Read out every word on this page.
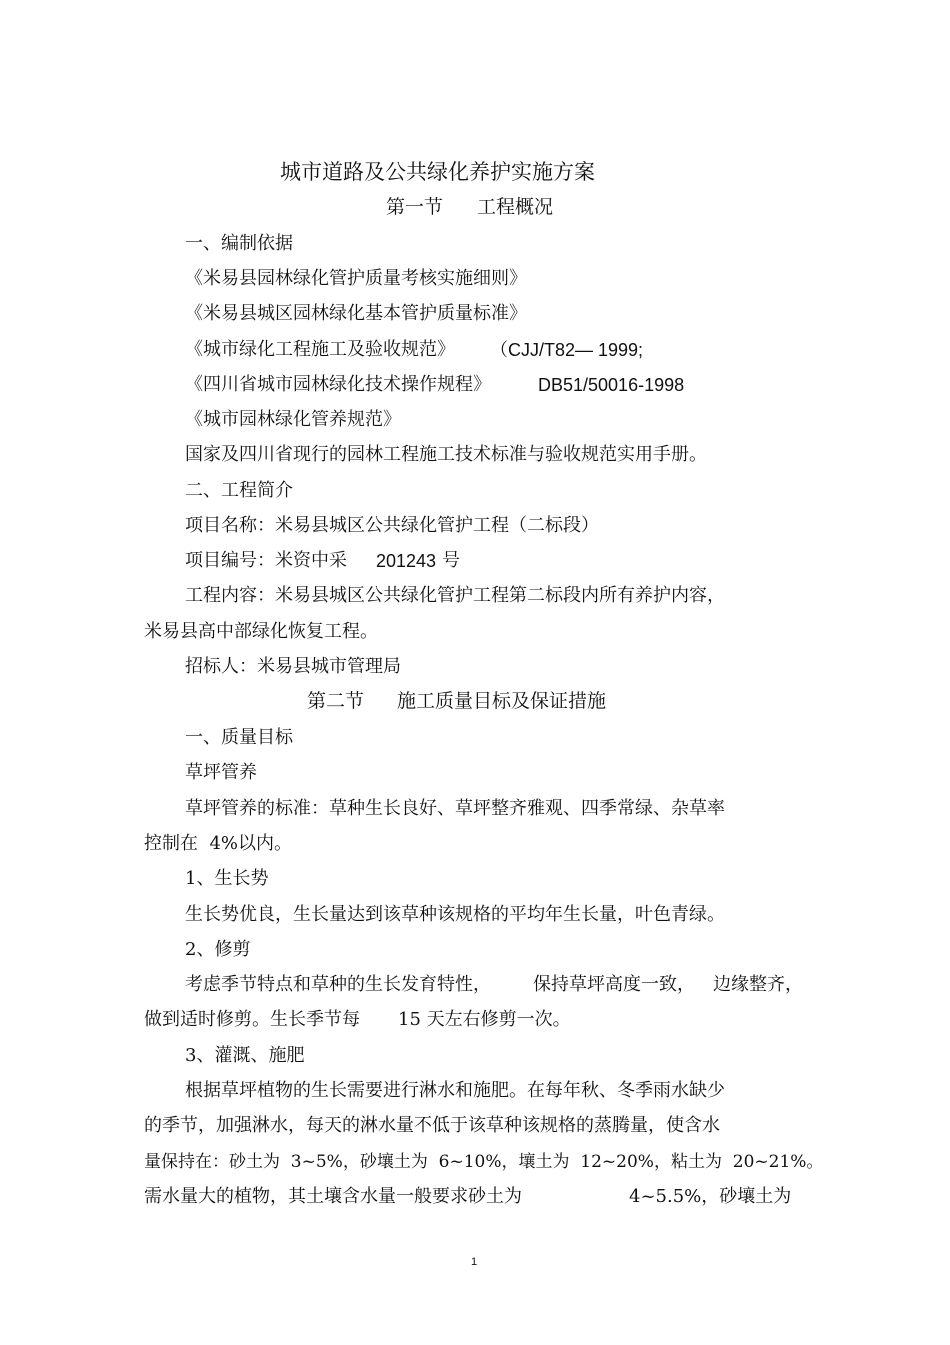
城市道路及公共绿化养护实施方案
第一节 工程概况
一、编制依据
《米易县园林绿化管护质量考核实施细则》
《米易县城区园林绿化基本管护质量标准》
《城市绿化工程施工及验收规范》 （CJJ/T82— 1999;
《四川省城市园林绿化技术操作规程》	DB51/50016-1998
《城市园林绿化管养规范》
国家及四川省现行的园林工程施工技术标准与验收规范实用手册。
二、工程简介
项目名称：米易县城区公共绿化管护工程（二标段）
项目编号：米资中采 201243 号
工程内容：米易县城区公共绿化管护工程第二标段内所有养护内容，
米易县高中部绿化恢复工程。
招标人：米易县城市管理局
第二节 施工质量目标及保证措施
一、质量目标
草坪管养
草坪管养的标准：草种生长良好、草坪整齐雅观、四季常绿、杂草率
控制在  4%以内。
1、生长势
生长势优良，生长量达到该草种该规格的平均年生长量，叶色青绿。
2、修剪
考虑季节特点和草种的生长发育特性， 保持草坪高度一致， 边缘整齐，
做到适时修剪。生长季节每 15 天左右修剪一次。
3、灌溉、施肥
根据草坪植物的生长需要进行淋水和施肥。在每年秋、冬季雨水缺少
的季节，加强淋水，每天的淋水量不低于该草种该规格的蒸腾量，使含水
量保持在：砂土为  3~5%，砂壤土为  6~10%，壤土为  12~20%，粘土为  20~21%。
需水量大的植物，其土壤含水量一般要求砂土为	4~5.5%，砂壤土为
1
